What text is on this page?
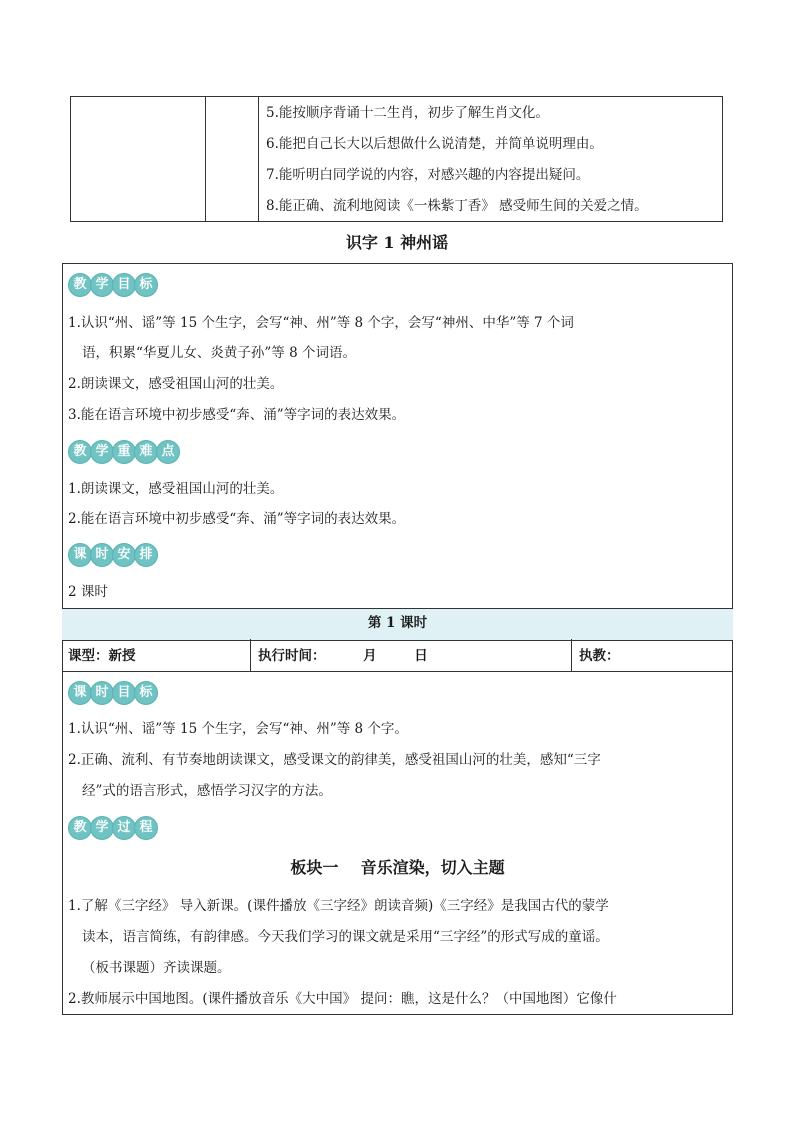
5.能按顺序背诵十二生肖，初步了解生肖文化。
6.能把自己长大以后想做什么说清楚，并简单说明理由。
7.能听明白同学说的内容，对感兴趣的内容提出疑问。
8.能正确、流利地阅读《一株紫丁香》 感受师生间的关爱之情。
识字 1 神州谣
教 学 目 标
1.认识“州、谣”等 15 个生字，会写“神、州”等 8 个字，会写“神州、中华”等 7 个词
语，积累“华夏儿女、炎黄子孙”等 8 个词语。
2.朗读课文，感受祖国山河的壮美。
3.能在语言环境中初步感受“奔、涌”等字词的表达效果。
教 学 重 难 点
1.朗读课文，感受祖国山河的壮美。
2.能在语言环境中初步感受“奔、涌”等字词的表达效果。
课 时 安 排
2 课时
第 1 课时
课型：新授	执行时间：        月        日	执教：
课 时 目 标
1.认识“州、谣”等 15 个生字，会写“神、州”等 8 个字。
2.正确、流利、有节奏地朗读课文，感受课文的韵律美，感受祖国山河的壮美，感知“三字
经”式的语言形式，感悟学习汉字的方法。
教 学 过 程
板块一    音乐渲染，切入主题
1.了解《三字经》 导入新课。(课件播放《三字经》朗读音频)《三字经》是我国古代的蒙学
读本，语言简练，有韵律感。今天我们学习的课文就是采用“三字经”的形式写成的童谣。
（板书课题）齐读课题。
2.教师展示中国地图。(课件播放音乐《大中国》 提问：瞧，这是什么？（中国地图）它像什
